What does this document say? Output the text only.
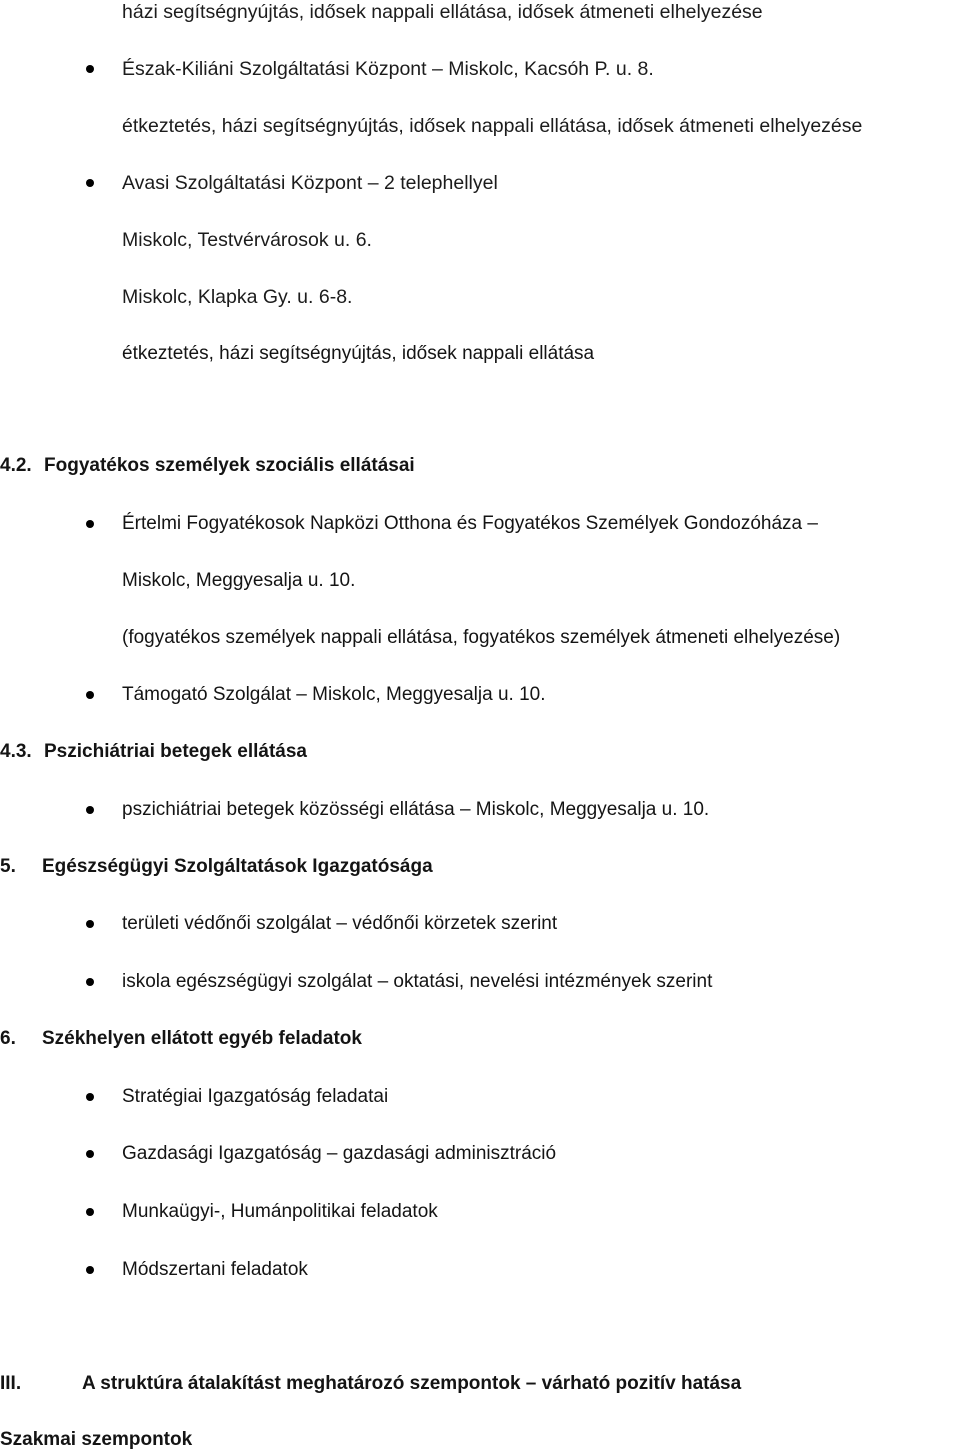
házi segítségnyújtás, idősek nappali ellátása, idősek átmeneti elhelyezése
Észak-Kiliáni Szolgáltatási Központ – Miskolc, Kacsóh P. u. 8.
étkeztetés, házi segítségnyújtás, idősek nappali ellátása, idősek átmeneti elhelyezése
Avasi Szolgáltatási Központ – 2 telephellyel
Miskolc, Testvérvárosok u. 6.
Miskolc, Klapka Gy. u. 6-8.
étkeztetés, házi segítségnyújtás, idősek nappali ellátása
4.2. Fogyatékos személyek szociális ellátásai
Értelmi Fogyatékosok Napközi Otthona és Fogyatékos Személyek Gondozóháza –
Miskolc, Meggyesalja u. 10.
(fogyatékos személyek nappali ellátása, fogyatékos személyek átmeneti elhelyezése)
Támogató Szolgálat – Miskolc, Meggyesalja u. 10.
4.3. Pszichiátriai betegek ellátása
pszichiátriai betegek közösségi ellátása – Miskolc, Meggyesalja u. 10.
5. Egészségügyi Szolgáltatások Igazgatósága
területi védőnői szolgálat – védőnői körzetek szerint
iskola egészségügyi szolgálat – oktatási, nevelési intézmények szerint
6. Székhelyen ellátott egyéb feladatok
Stratégiai Igazgatóság feladatai
Gazdasági Igazgatóság – gazdasági adminisztráció
Munkaügyi-, Humánpolitikai feladatok
Módszertani feladatok
III.	A struktúra átalakítást meghatározó szempontok – várható pozitív hatása
Szakmai szempontok
